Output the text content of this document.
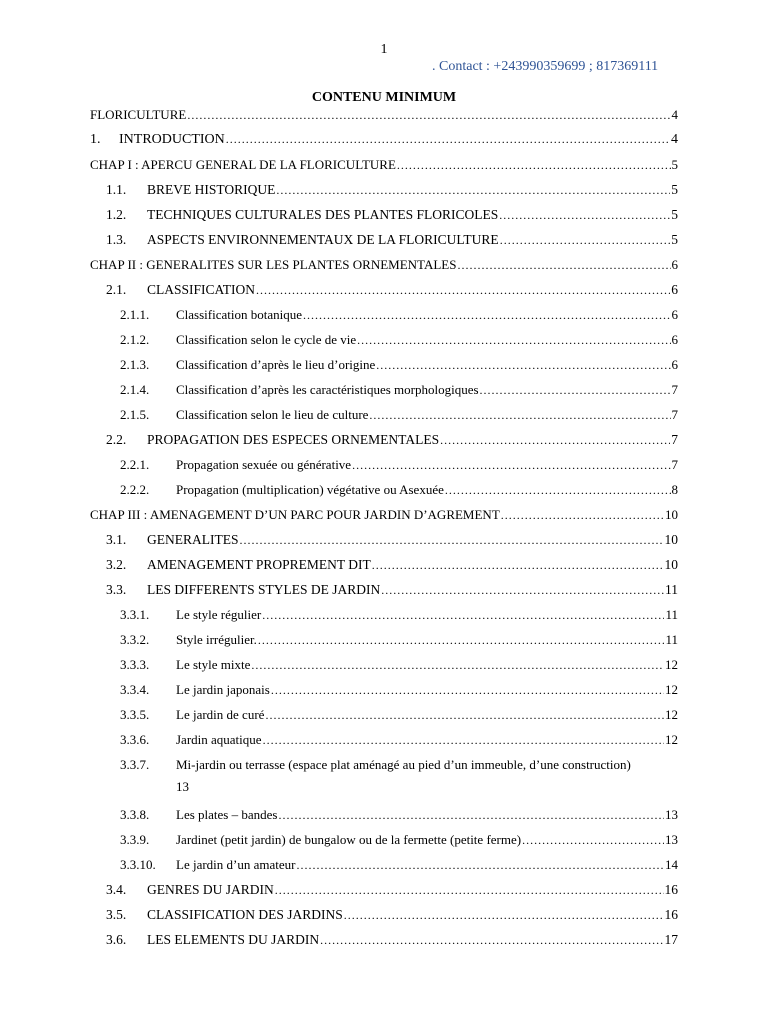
1
. Contact : +243990359699 ; 817369111
CONTENU MINIMUM
FLORICULTURE .....	4
1.	INTRODUCTION .....	4
CHAP I : APERCU GENERAL DE LA FLORICULTURE .....	5
1.1.	BREVE HISTORIQUE .....	5
1.2.	TECHNIQUES CULTURALES DES PLANTES FLORICOLES .....	5
1.3.	ASPECTS ENVIRONNEMENTAUX DE LA FLORICULTURE .....	5
CHAP II : GENERALITES SUR LES PLANTES ORNEMENTALES .....	6
2.1.	CLASSIFICATION .....	6
2.1.1.	Classification botanique .....	6
2.1.2.	Classification selon le cycle de vie .....	6
2.1.3.	Classification d’après le lieu d’origine .....	6
2.1.4.	Classification d’après les caractéristiques morphologiques .....	7
2.1.5.	Classification selon le lieu de culture .....	7
2.2.	PROPAGATION DES ESPECES ORNEMENTALES .....	7
2.2.1.	Propagation sexuée ou générative .....	7
2.2.2.	Propagation (multiplication) végétative ou Asexuée .....	8
CHAP III : AMENAGEMENT D’UN PARC POUR JARDIN D’AGREMENT .....	10
3.1.	GENERALITES .....	10
3.2.	AMENAGEMENT PROPREMENT DIT .....	10
3.3.	LES DIFFERENTS STYLES DE JARDIN .....	11
3.3.1.	Le style régulier .....	11
3.3.2.	Style irrégulier. .....	11
3.3.3.	Le style mixte .....	12
3.3.4.	Le jardin japonais .....	12
3.3.5.	Le jardin de curé .....	12
3.3.6.	Jardin aquatique .....	12
3.3.7.	Mi-jardin ou terrasse (espace plat aménagé au pied d’un immeuble, d’une construction)
13
3.3.8.	Les plates – bandes .....	13
3.3.9.	Jardinet (petit jardin) de bungalow ou de la fermette (petite ferme) .....	13
3.3.10.	Le jardin d’un amateur .....	14
3.4.	GENRES DU JARDIN .....	16
3.5.	CLASSIFICATION DES JARDINS .....	16
3.6.	LES ELEMENTS DU JARDIN .....	17
